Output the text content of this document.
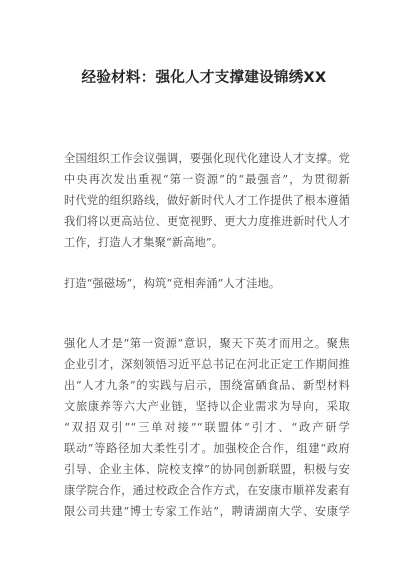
经验材料：强化人才支撑建设锦绣XX

全国组织工作会议强调，要强化现代化建设人才支撑。党
中央再次发出重视“第一资源”的“最强音”，为贯彻新
时代党的组织路线，做好新时代人才工作提供了根本遵循
我们将以更高站位、更宽视野、更大力度推进新时代人才
工作，打造人才集聚“新高地”。

打造“强磁场”，构筑“竞相奔涌”人才洼地。

强化人才是“第一资源”意识，聚天下英才而用之。聚焦
企业引才，深刻领悟习近平总书记在河北正定工作期间推
出“人才九条”的实践与启示，围绕富硒食品、新型材料
文旅康养等六大产业链，坚持以企业需求为导向，采取
“双招双引”“三单对接”“联盟体”引才、“政产研学
联动”等路径加大柔性引才。加强校企合作，组建“政府
引导、企业主体、院校支撑”的协同创新联盟，积极与安
康学院合作，通过校政企合作方式，在安康市顺祥发素有
限公司共建“博士专家工作站”，聘请湖南大学、安康学
